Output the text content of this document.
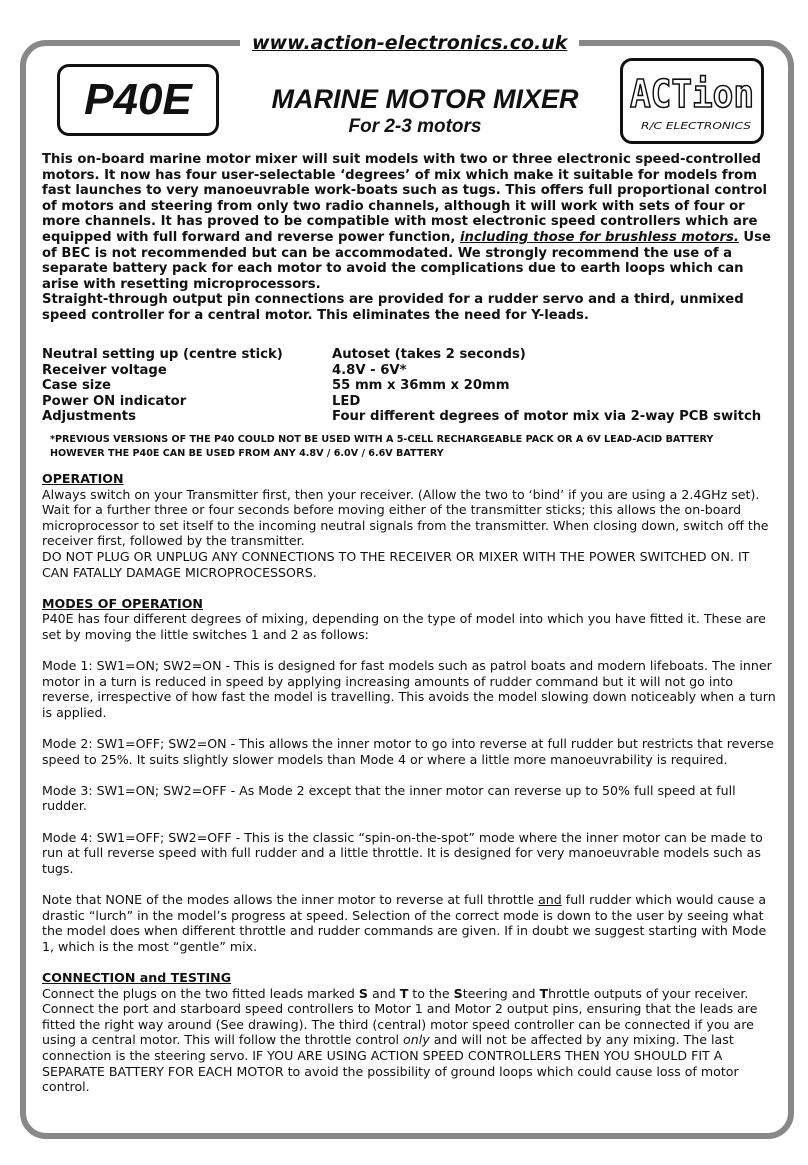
www.action-electronics.co.uk
P40E	MARINE MOTOR MIXER
For 2-3 motors
ACTion
R/C ELECTRONICS

This on-board marine motor mixer will suit models with two or three electronic speed-controlled motors. It now has four user-selectable ‘degrees’ of mix which make it suitable for models from fast launches to very manoeuvrable work-boats such as tugs. This offers full proportional control of motors and steering from only two radio channels, although it will work with sets of four or more channels. It has proved to be compatible with most electronic speed controllers which are equipped with full forward and reverse power function, including those for brushless motors. Use of BEC is not recommended but can be accommodated. We strongly recommend the use of a separate battery pack for each motor to avoid the complications due to earth loops which can arise with resetting microprocessors.

Straight-through output pin connections are provided for a rudder servo and a third, unmixed speed controller for a central motor. This eliminates the need for Y-leads.

Neutral setting up (centre stick)	Autoset (takes 2 seconds)
Receiver voltage	4.8V - 6V*
Case size	55 mm x 36mm x 20mm
Power ON indicator	LED
Adjustments	Four different degrees of motor mix via 2-way PCB switch
*PREVIOUS VERSIONS OF THE P40 COULD NOT BE USED WITH A 5-CELL RECHARGEABLE PACK OR A 6V LEAD-ACID BATTERY
HOWEVER THE P40E CAN BE USED FROM ANY 4.8V / 6.0V / 6.6V BATTERY

OPERATION

Always switch on your Transmitter first, then your receiver. (Allow the two to ‘bind’ if you are using a 2.4GHz set). Wait for a further three or four seconds before moving either of the transmitter sticks; this allows the on-board microprocessor to set itself to the incoming neutral signals from the transmitter. When closing down, switch off the receiver first, followed by the transmitter.

DO NOT PLUG OR UNPLUG ANY CONNECTIONS TO THE RECEIVER OR MIXER WITH THE POWER SWITCHED ON. IT CAN FATALLY DAMAGE MICROPROCESSORS.

MODES OF OPERATION

P40E has four different degrees of mixing, depending on the type of model into which you have fitted it. These are set by moving the little switches 1 and 2 as follows:

Mode 1: SW1=ON; SW2=ON - This is designed for fast models such as patrol boats and modern lifeboats. The inner motor in a turn is reduced in speed by applying increasing amounts of rudder command but it will not go into reverse, irrespective of how fast the model is travelling. This avoids the model slowing down noticeably when a turn is applied.

Mode 2: SW1=OFF; SW2=ON - This allows the inner motor to go into reverse at full rudder but restricts that reverse speed to 25%. It suits slightly slower models than Mode 4 or where a little more manoeuvrability is required.

Mode 3: SW1=ON; SW2=OFF - As Mode 2 except that the inner motor can reverse up to 50% full speed at full rudder.

Mode 4: SW1=OFF; SW2=OFF - This is the classic “spin-on-the-spot” mode where the inner motor can be made to run at full reverse speed with full rudder and a little throttle. It is designed for very manoeuvrable models such as tugs.

Note that NONE of the modes allows the inner motor to reverse at full throttle and full rudder which would cause a drastic “lurch” in the model’s progress at speed. Selection of the correct mode is down to the user by seeing what the model does when different throttle and rudder commands are given. If in doubt we suggest starting with Mode 1, which is the most “gentle” mix.

CONNECTION and TESTING

Connect the plugs on the two fitted leads marked S and T to the Steering and Throttle outputs of your receiver. Connect the port and starboard speed controllers to Motor 1 and Motor 2 output pins, ensuring that the leads are fitted the right way around (See drawing). The third (central) motor speed controller can be connected if you are using a central motor. This will follow the throttle control only and will not be affected by any mixing. The last connection is the steering servo. IF YOU ARE USING ACTION SPEED CONTROLLERS THEN YOU SHOULD FIT A SEPARATE BATTERY FOR EACH MOTOR to avoid the possibility of ground loops which could cause loss of motor control.
